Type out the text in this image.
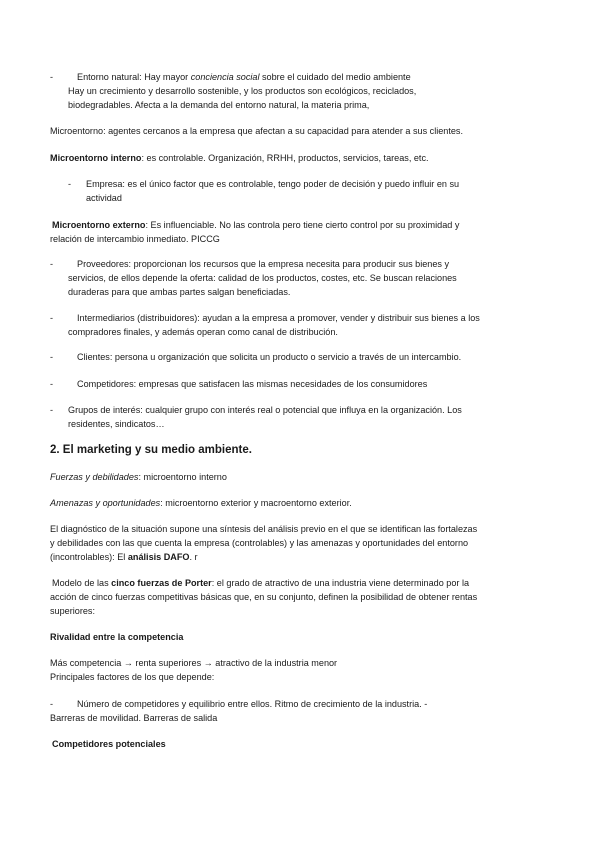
-	Entorno natural: Hay mayor conciencia social sobre el cuidado del medio ambiente
Hay un crecimiento y desarrollo sostenible, y los productos son ecológicos, reciclados,
biodegradables. Afecta a la demanda del entorno natural, la materia prima,
Microentorno: agentes cercanos a la empresa que afectan a su capacidad para atender a sus clientes.
Microentorno interno: es controlable. Organización, RRHH, productos, servicios, tareas, etc.
-	Empresa: es el único factor que es controlable, tengo poder de decisión y puedo influir en su
actividad
Microentorno externo: Es influenciable. No las controla pero tiene cierto control por su proximidad y
relación de intercambio inmediato. PICCG
-	Proveedores: proporcionan los recursos que la empresa necesita para producir sus bienes y
servicios, de ellos depende la oferta: calidad de los productos, costes, etc. Se buscan relaciones
duraderas para que ambas partes salgan beneficiadas.
-	Intermediarios (distribuidores): ayudan a la empresa a promover, vender y distribuir sus bienes a los
compradores finales, y además operan como canal de distribución.
-	Clientes: persona u organización que solicita un producto o servicio a través de un intercambio.
-	Competidores: empresas que satisfacen las mismas necesidades de los consumidores
-	Grupos de interés: cualquier grupo con interés real o potencial que influya en la organización. Los
residentes, sindicatos…
2. El marketing y su medio ambiente.
Fuerzas y debilidades: microentorno interno
Amenazas y oportunidades: microentorno exterior y macroentorno exterior.
El diagnóstico de la situación supone una síntesis del análisis previo en el que se identifican las fortalezas
y debilidades con las que cuenta la empresa (controlables) y las amenazas y oportunidades del entorno
(incontrolables): El análisis DAFO. r
Modelo de las cinco fuerzas de Porter: el grado de atractivo de una industria viene determinado por la
acción de cinco fuerzas competitivas básicas que, en su conjunto, definen la posibilidad de obtener rentas
superiores:
Rivalidad entre la competencia
Más competencia → renta superiores → atractivo de la industria menor
Principales factores de los que depende:
-	Número de competidores y equilibrio entre ellos. Ritmo de crecimiento de la industria. -
Barreras de movilidad. Barreras de salida
Competidores potenciales
